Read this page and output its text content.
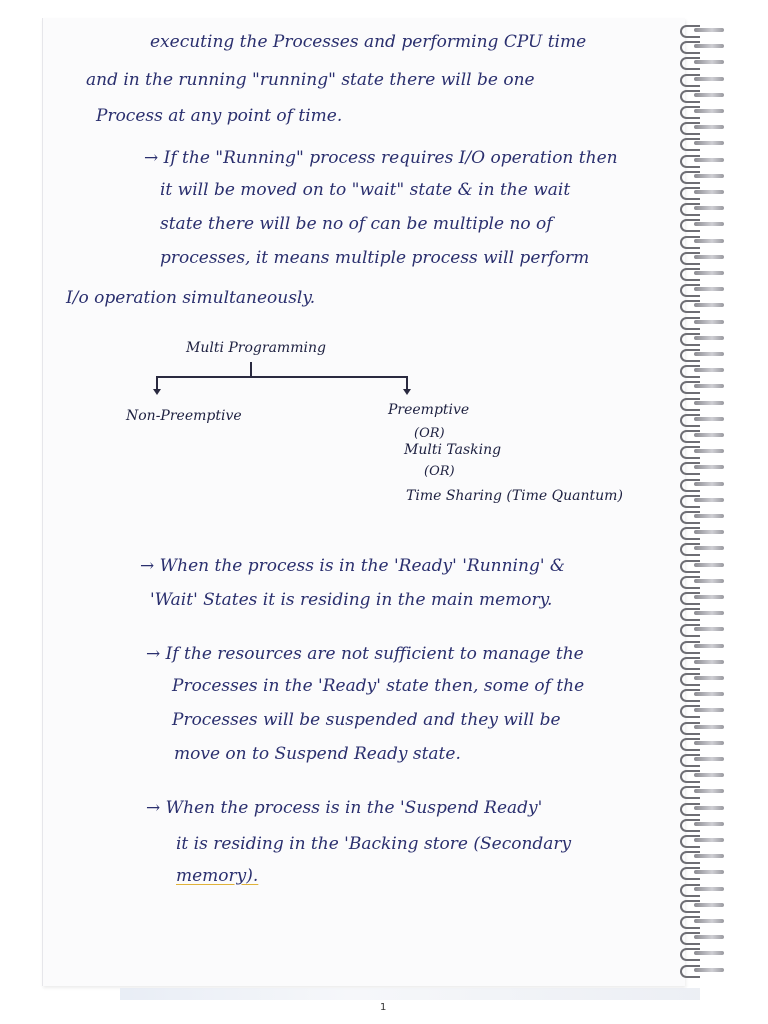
executing the Processes and performing CPU time

and in the running "running" state there will be one

Process at any point of time.

→ If the "Running" process requires I/O operation then

it will be moved on to "wait" state & in the wait

state there will be no of can be multiple no of

processes, it means multiple process will perform

I/o operation simultaneously.

Multi Programming

Non-Preemptive	Preemptive

(OR)

Multi Tasking

(OR)

Time Sharing (Time Quantum)

→ When the process is in the 'Ready' 'Running' &

'Wait' States it is residing in the main memory.

→ If the resources are not sufficient to manage the

Processes in the 'Ready' state then, some of the

Processes will be suspended and they will be

move on to Suspend Ready state.

→ When the process is in the 'Suspend Ready'

it is residing in the 'Backing store (Secondary

memory).

1
